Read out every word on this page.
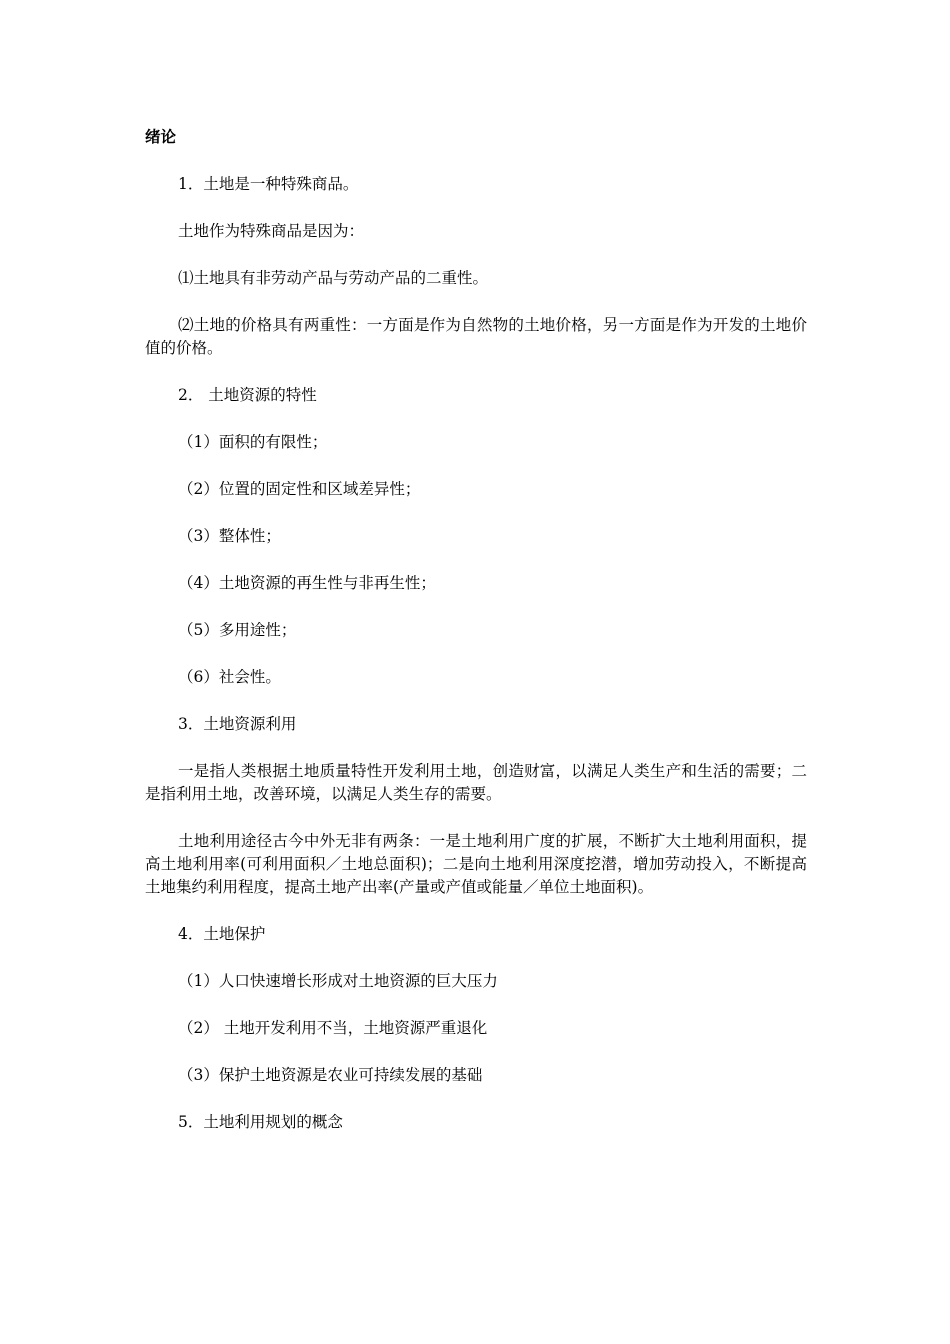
绪论

1．土地是一种特殊商品。

土地作为特殊商品是因为：

⑴土地具有非劳动产品与劳动产品的二重性。

⑵土地的价格具有两重性：一方面是作为自然物的土地价格，另一方面是作为开发的土地价值的价格。

2． 土地资源的特性

（1）面积的有限性；

（2）位置的固定性和区域差异性；

（3）整体性；

（4）土地资源的再生性与非再生性；

（5）多用途性；

（6）社会性。

3．土地资源利用

一是指人类根据土地质量特性开发利用土地，创造财富，以满足人类生产和生活的需要；二是指利用土地，改善环境，以满足人类生存的需要。

土地利用途径古今中外无非有两条：一是土地利用广度的扩展，不断扩大土地利用面积，提高土地利用率(可利用面积／土地总面积)；二是向土地利用深度挖潜，增加劳动投入，不断提高土地集约利用程度，提高土地产出率(产量或产值或能量／单位土地面积)。

4．土地保护

（1）人口快速增长形成对土地资源的巨大压力

（2） 土地开发利用不当，土地资源严重退化

（3）保护土地资源是农业可持续发展的基础

5．土地利用规划的概念
